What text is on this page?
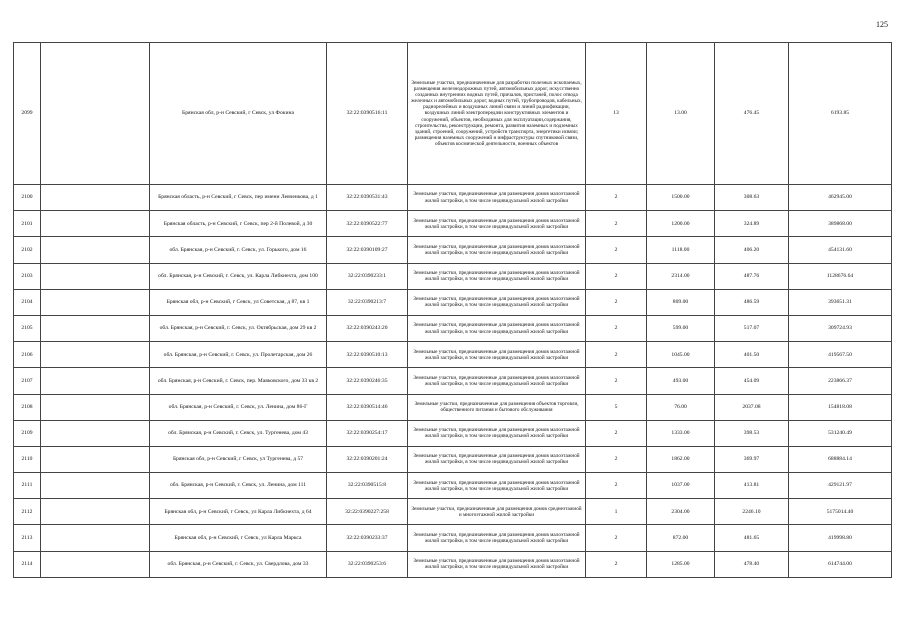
125
2099		Брянская обл, р-н Севский, г Севск, ул Фокина	32:22:0390516:11	Земельные участки, предназначенные для разработки полезных ископаемых, размещения железнодорожных путей, автомобильных дорог, искусственно созданных внутренних водных путей, причалов, пристаней, полос отвода железных и автомобильных дорог, водных путей, трубопроводов, кабельных, радиорелейных и воздушных линий связи и линий радиофикации, воздушных линий электропередачи конструктивных элементов и сооружений, объектов, необходимых для эксплуатации,содержания, строительства, реконструкции, ремонта, развития наземных и подземных зданий, строений, сооружений, устройств транспорта, энергетики исвязи; размещения наземных сооружений и инфраструктуры спутниковой связи, объектов космической деятельности, военных объектов	13	13.00	476.45	6193.85
2100		Брянская область, р-н Севский, г Севск, пер имени Левченкова, д 1	32:22:0390531:43	Земельные участки, предназначенные для размещения домов малоэтажной жилой застройки, в том числе индивидуальной жилой застройки	2	1500.00	308.63	462945.00
2101		Брянская область, р-н Севский, г Севск, пер 2-й Полевой, д 30	32:22:0390522:77	Земельные участки, предназначенные для размещения домов малоэтажной жилой застройки, в том числе индивидуальной жилой застройки	2	1200.00	324.89	389868.00
2102		обл. Брянская, р-н Севский, г. Севск, ул. Горького, дом 16	32:22:0390109:27	Земельные участки, предназначенные для размещения домов малоэтажной жилой застройки, в том числе индивидуальной жилой застройки	2	1118.00	406.20	454131.60
2103		обл. Брянская, р-н Севский, г. Севск, ул. Карла Либкнехта, дом 100	32:22:0390233:1	Земельные участки, предназначенные для размещения домов малоэтажной жилой застройки, в том числе индивидуальной жилой застройки	2	2314.00	487.76	1128676.64
2104		Брянская обл, р-н Севский, г Севск, ул Советская, д 87, кв 1	32:22:0390213:7	Земельные участки, предназначенные для размещения домов малоэтажной жилой застройки, в том числе индивидуальной жилой застройки	2	809.00	486.59	393651.31
2105		обл. Брянская, р-н Севский, г. Севск, ул. Октябрьская, дом 29 кв 2	32:22:0390243:20	Земельные участки, предназначенные для размещения домов малоэтажной жилой застройки, в том числе индивидуальной жилой застройки	2	599.00	517.07	309724.93
2106		обл. Брянская, р-н Севский, г. Севск, ул. Пролетарская, дом 26	32:22:0390510:13	Земельные участки, предназначенные для размещения домов малоэтажной жилой застройки, в том числе индивидуальной жилой застройки	2	1045.00	401.50	419567.50
2107		обл. Брянская, р-н Севский, г. Севск, пер. Маяковского, дом 33 кв 2	32:22:0390246:35	Земельные участки, предназначенные для размещения домов малоэтажной жилой застройки, в том числе индивидуальной жилой застройки	2	493.00	454.09	223866.37
2108		обл. Брянская, р-н Севский, г. Севск, ул. Ленина, дом 86-Г	32:22:0390514:46	Земельные участки, предназначенные для размещения объектов торговли, общественного питания и бытового обслуживания	5	76.00	2037.08	154818.08
2109		обл. Брянская, р-н Севский, г. Севск, ул. Тургенева, дом 43	32:22:0390254:17	Земельные участки, предназначенные для размещения домов малоэтажной жилой застройки, в том числе индивидуальной жилой застройки	2	1333.00	398.53	531240.49
2110		Брянская обл, р-н Севский, г Севск, ул Тургенева, д 57	32:22:0390201:24	Земельные участки, предназначенные для размещения домов малоэтажной жилой застройки, в том числе индивидуальной жилой застройки	2	1862.00	369.97	688884.14
2111		обл. Брянская, р-н Севский, г. Севск, ул. Ленина, дом 111	32:22:0390515:8	Земельные участки, предназначенные для размещения домов малоэтажной жилой застройки, в том числе индивидуальной жилой застройки	2	1037.00	413.81	429121.97
2112		Брянская обл, р-н Севский, г Севск, ул Карла Либкнехта, д 64	32:22:0390227:258	Земельные участки, предназначенные для размещения домов среднеэтажной и многоэтажной жилой застройки	1	2304.00	2246.10	5175014.40
2113		Брянская обл, р-н Севский, г Севск, ул Карла Маркса	32:22:0390233:37	Земельные участки, предназначенные для размещения домов малоэтажной жилой застройки, в том числе индивидуальной жилой застройки	2	872.00	481.65	419998.80
2114		обл. Брянская, р-н Севский, г. Севск, ул. Свердлова, дом 33	32:22:0390253:6	Земельные участки, предназначенные для размещения домов малоэтажной жилой застройки, в том числе индивидуальной жилой застройки	2	1285.00	478.40	614744.00
